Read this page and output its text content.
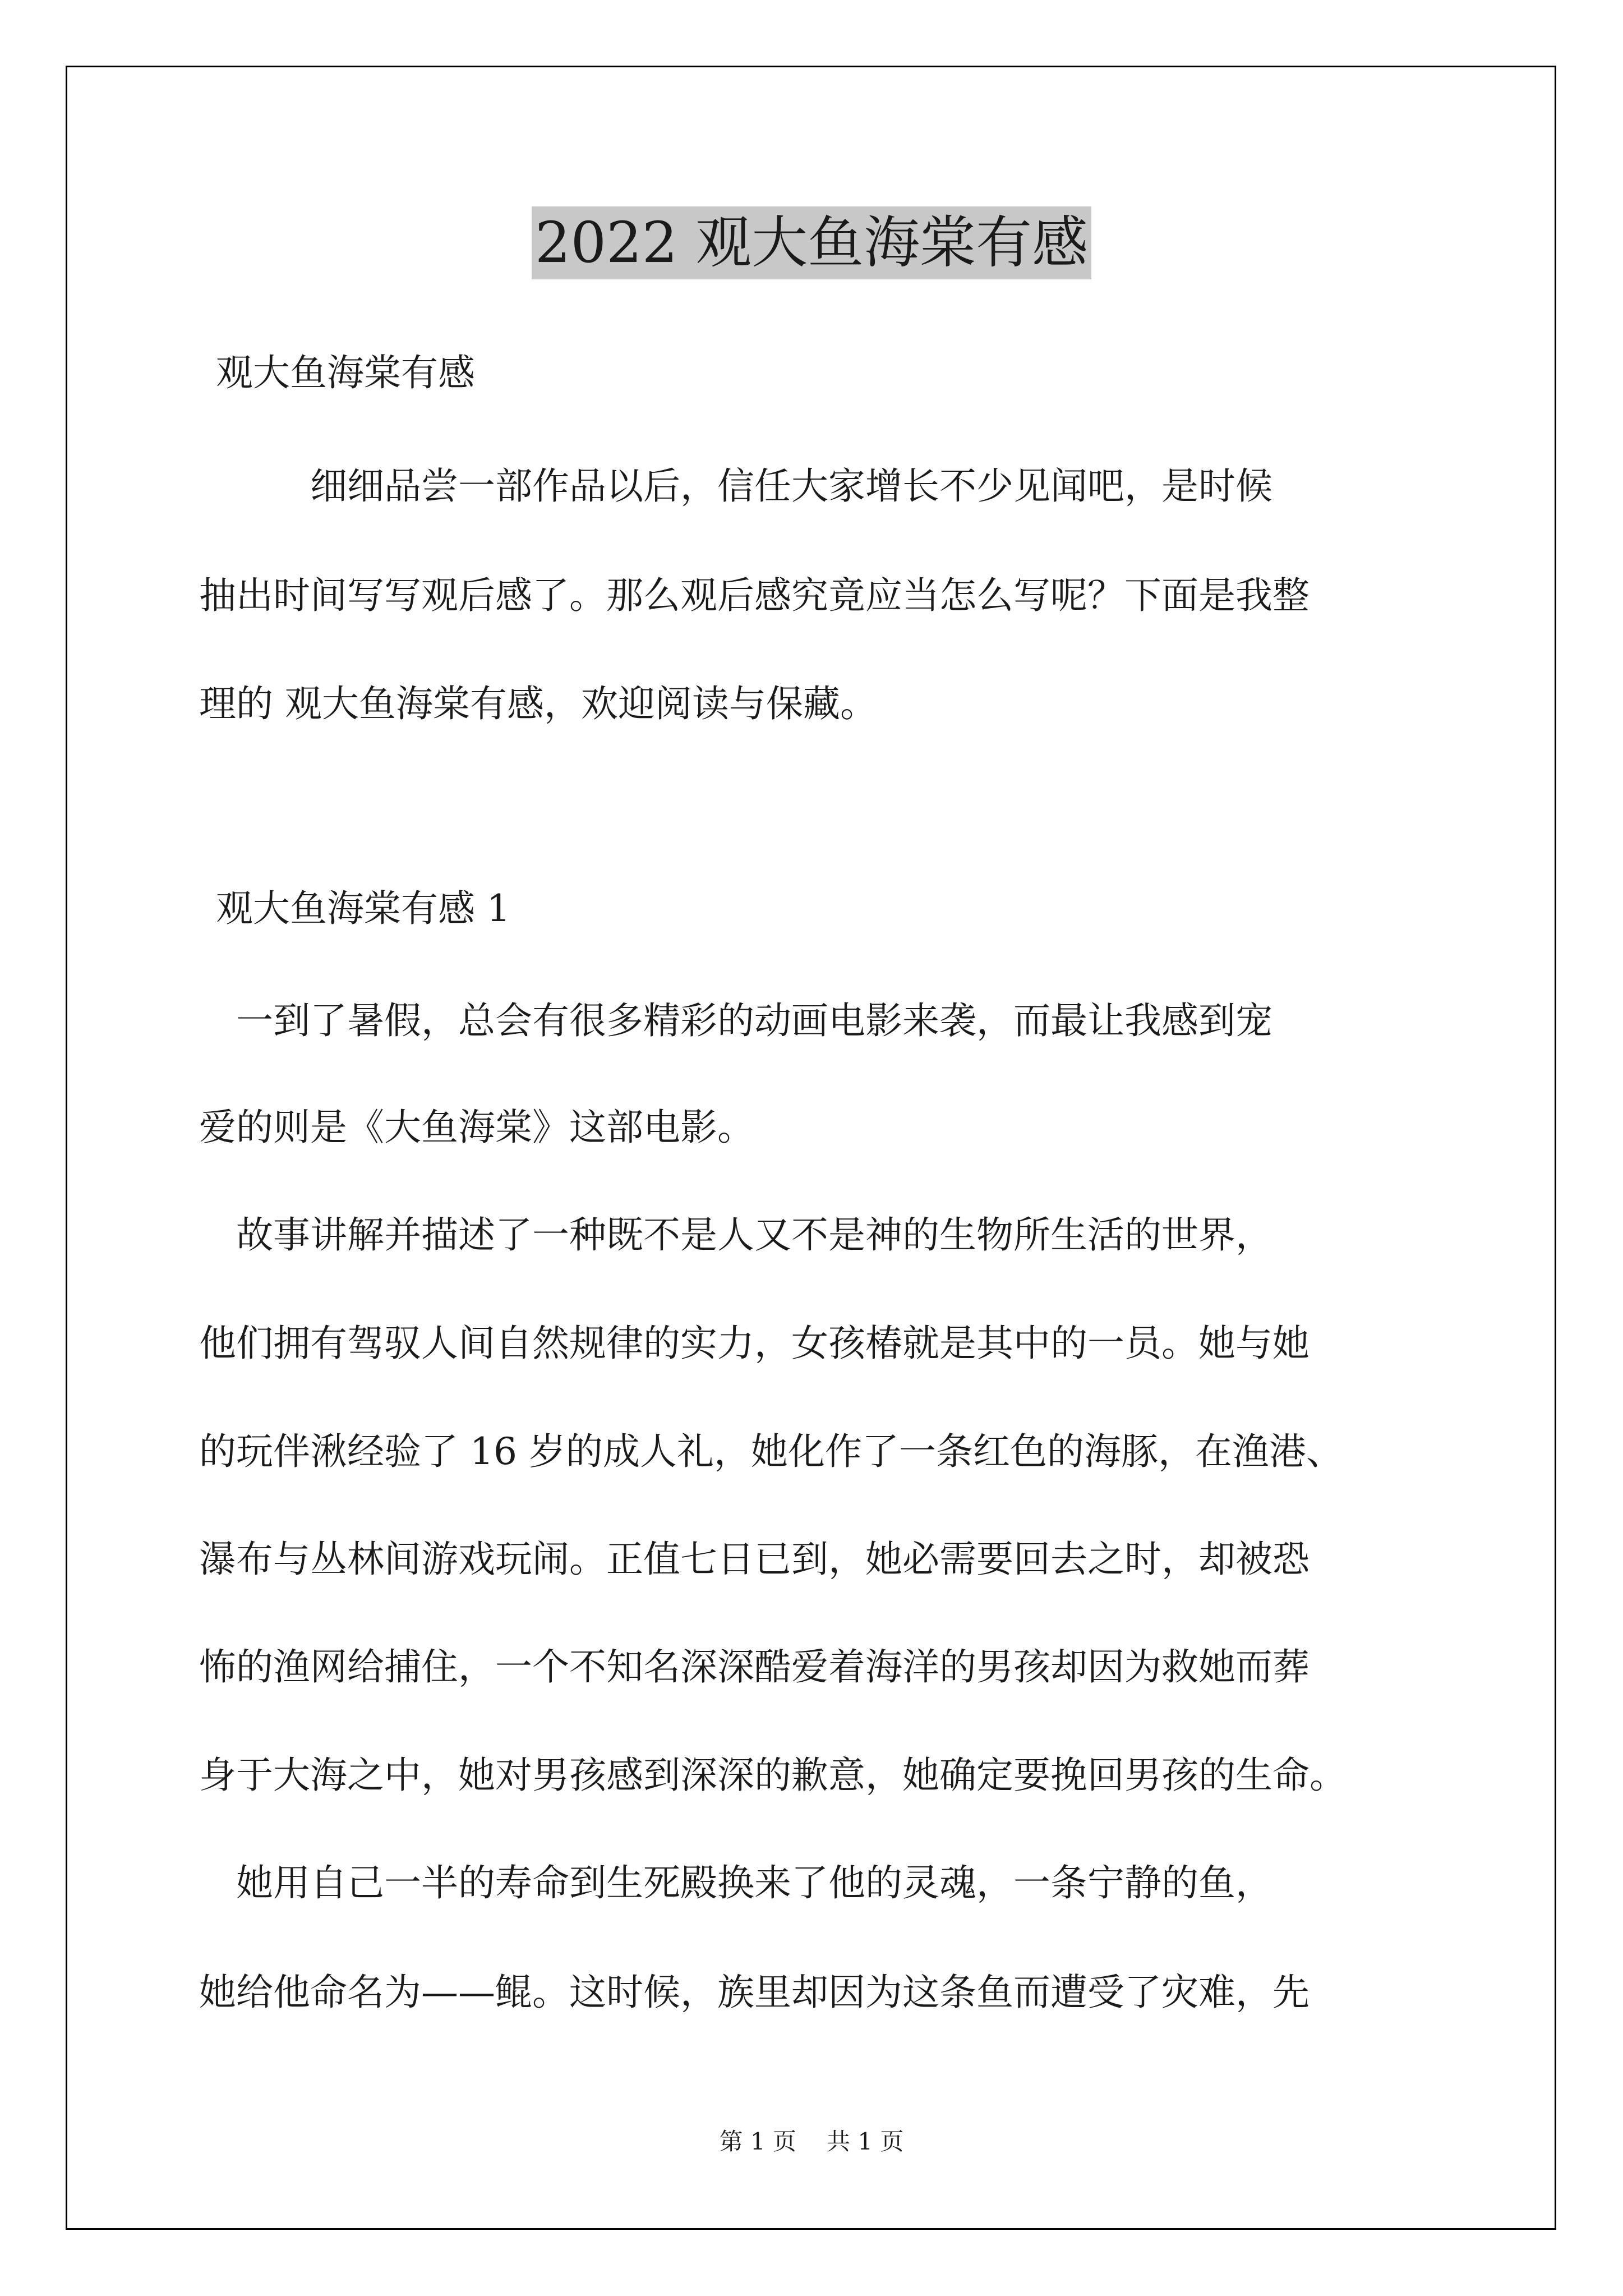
2022 观大鱼海棠有感
观大鱼海棠有感
　　　细细品尝一部作品以后，信任大家增长不少见闻吧，是时候
抽出时间写写观后感了。那么观后感究竟应当怎么写呢？下面是我整
理的 观大鱼海棠有感，欢迎阅读与保藏。
观大鱼海棠有感 1
　一到了暑假，总会有很多精彩的动画电影来袭，而最让我感到宠
爱的则是《大鱼海棠》这部电影。
　故事讲解并描述了一种既不是人又不是神的生物所生活的世界，
他们拥有驾驭人间自然规律的实力，女孩椿就是其中的一员。她与她
的玩伴湫经验了 16 岁的成人礼，她化作了一条红色的海豚，在渔港、
瀑布与丛林间游戏玩闹。正值七日已到，她必需要回去之时，却被恐
怖的渔网给捕住，一个不知名深深酷爱着海洋的男孩却因为救她而葬
身于大海之中，她对男孩感到深深的歉意，她确定要挽回男孩的生命。
　她用自己一半的寿命到生死殿换来了他的灵魂，一条宁静的鱼，
她给他命名为——鲲。这时候，族里却因为这条鱼而遭受了灾难，先
第 1 页 共 1 页
